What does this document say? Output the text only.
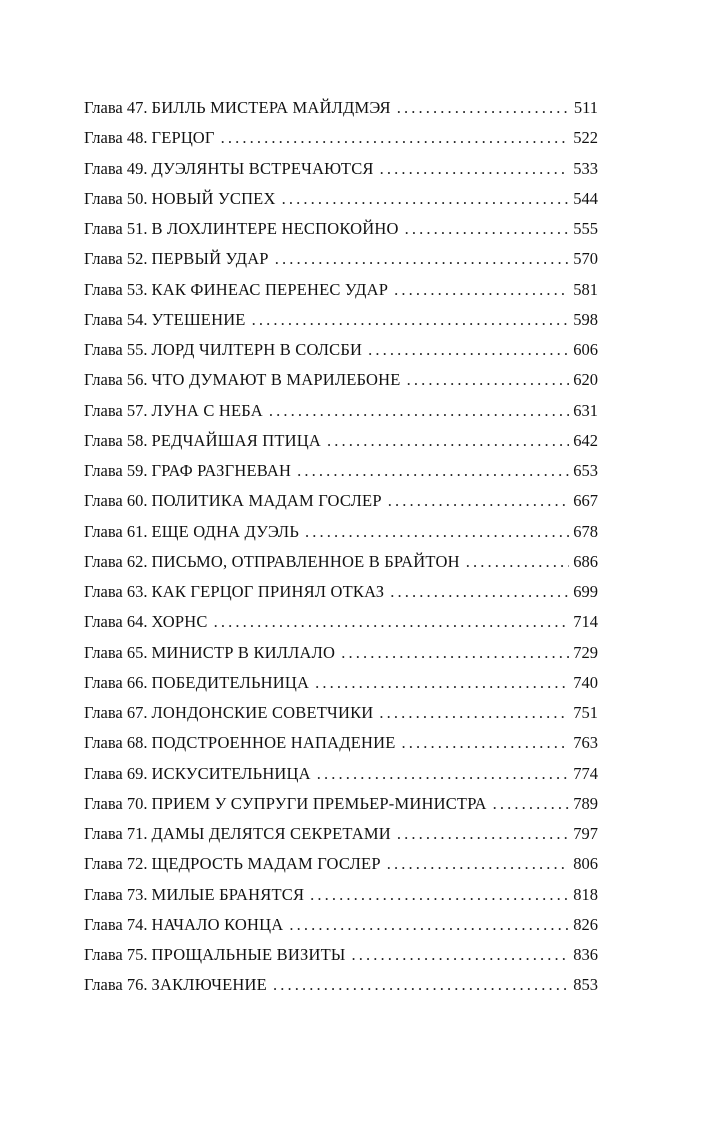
Глава 47. БИЛЛЬ МИСТЕРА МАЙЛДМЭЯ . . .	511
Глава 48. ГЕРЦОГ . . .	522
Глава 49. ДУЭЛЯНТЫ ВСТРЕЧАЮТСЯ . . .	533
Глава 50. НОВЫЙ УСПЕХ . . .	544
Глава 51. В ЛОХЛИНТЕРЕ НЕСПОКОЙНО . . .	555
Глава 52. ПЕРВЫЙ УДАР . . .	570
Глава 53. КАК ФИНЕАС ПЕРЕНЕС УДАР . . .	581
Глава 54. УТЕШЕНИЕ . . .	598
Глава 55. ЛОРД ЧИЛТЕРН В СОЛСБИ . . .	606
Глава 56. ЧТО ДУМАЮТ В МАРИЛЕБОНЕ . . .	620
Глава 57. ЛУНА С НЕБА . . .	631
Глава 58. РЕДЧАЙШАЯ ПТИЦА . . .	642
Глава 59. ГРАФ РАЗГНЕВАН . . .	653
Глава 60. ПОЛИТИКА МАДАМ ГОСЛЕР . . .	667
Глава 61. ЕЩЕ ОДНА ДУЭЛЬ . . .	678
Глава 62. ПИСЬМО, ОТПРАВЛЕННОЕ В БРАЙТОН . . .	686
Глава 63. КАК ГЕРЦОГ ПРИНЯЛ ОТКАЗ . . .	699
Глава 64. ХОРНС . . .	714
Глава 65. МИНИСТР В КИЛЛАЛО . . .	729
Глава 66. ПОБЕДИТЕЛЬНИЦА . . .	740
Глава 67. ЛОНДОНСКИЕ СОВЕТЧИКИ . . .	751
Глава 68. ПОДСТРОЕННОЕ НАПАДЕНИЕ . . .	763
Глава 69. ИСКУСИТЕЛЬНИЦА . . .	774
Глава 70. ПРИЕМ У СУПРУГИ ПРЕМЬЕР-МИНИСТРА . . .	789
Глава 71. ДАМЫ ДЕЛЯТСЯ СЕКРЕТАМИ . . .	797
Глава 72. ЩЕДРОСТЬ МАДАМ ГОСЛЕР . . .	806
Глава 73. МИЛЫЕ БРАНЯТСЯ . . .	818
Глава 74. НАЧАЛО КОНЦА . . .	826
Глава 75. ПРОЩАЛЬНЫЕ ВИЗИТЫ . . .	836
Глава 76. ЗАКЛЮЧЕНИЕ . . .	853
